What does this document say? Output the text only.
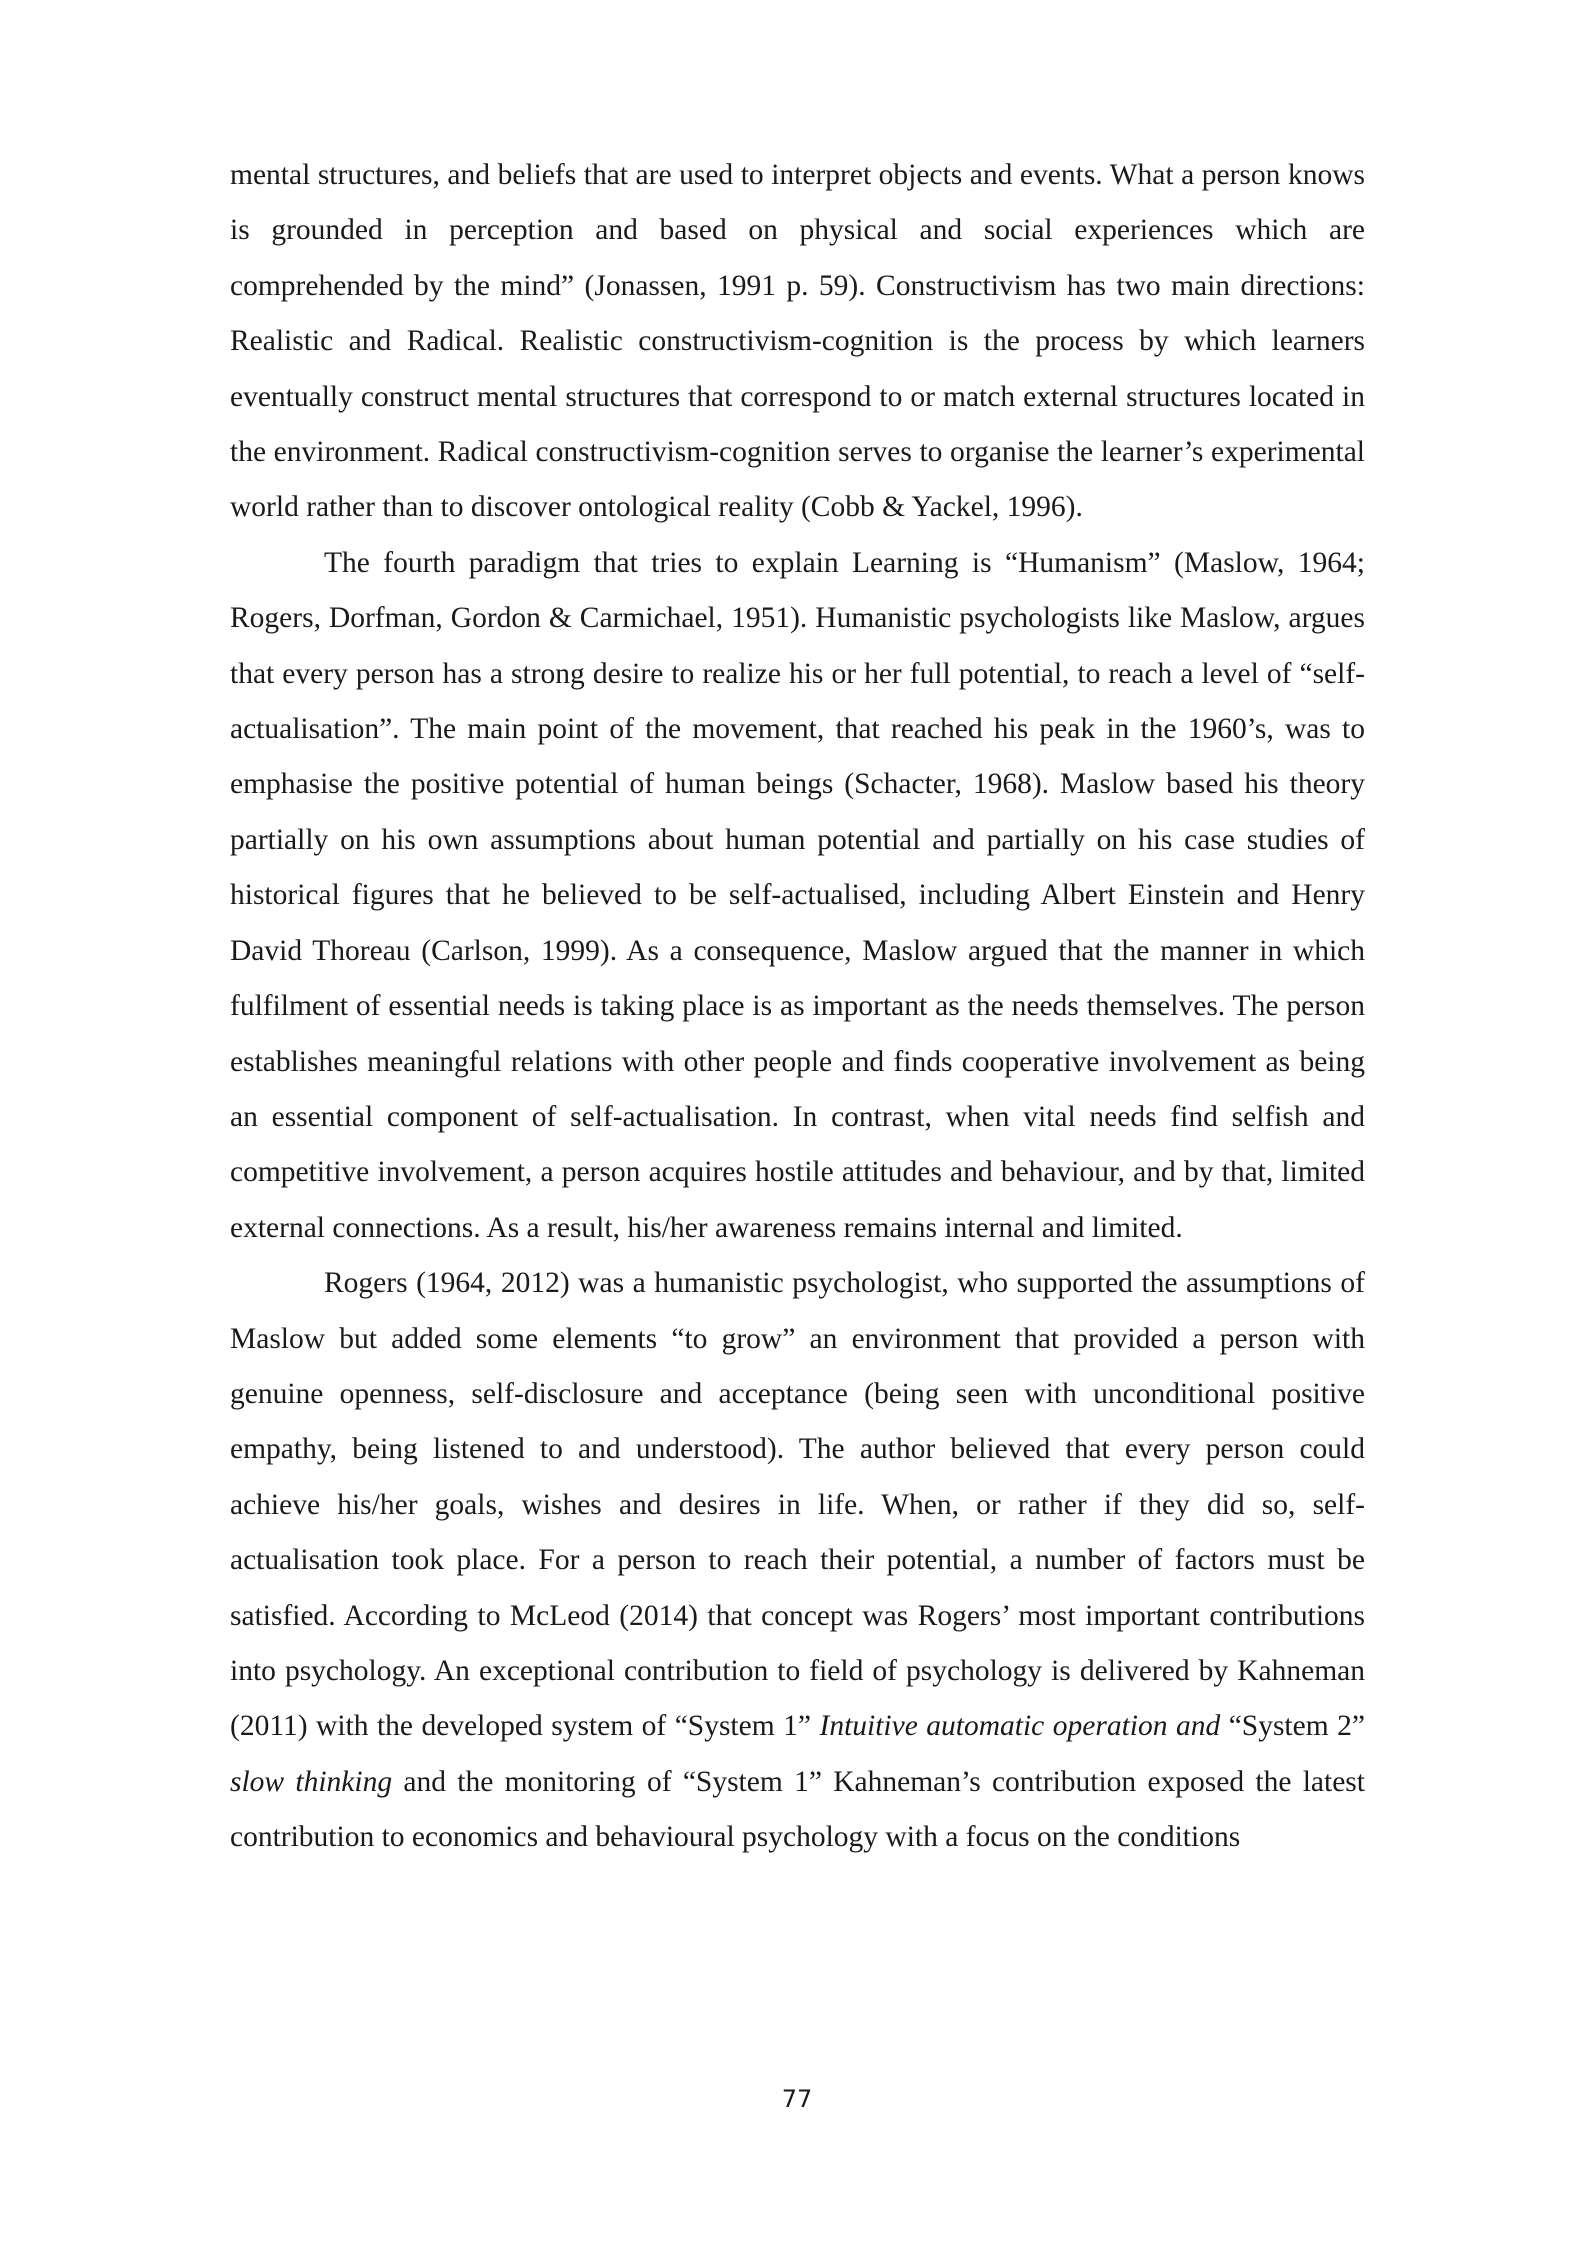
mental structures, and beliefs that are used to interpret objects and events. What a person knows is grounded in perception and based on physical and social experiences which are comprehended by the mind” (Jonassen, 1991 p. 59). Constructivism has two main directions: Realistic and Radical. Realistic constructivism-cognition is the process by which learners eventually construct mental structures that correspond to or match external structures located in the environment. Radical constructivism-cognition serves to organise the learner’s experimental world rather than to discover ontological reality (Cobb & Yackel, 1996).

The fourth paradigm that tries to explain Learning is “Humanism” (Maslow, 1964; Rogers, Dorfman, Gordon & Carmichael, 1951). Humanistic psychologists like Maslow, argues that every person has a strong desire to realize his or her full potential, to reach a level of “self-actualisation”. The main point of the movement, that reached his peak in the 1960’s, was to emphasise the positive potential of human beings (Schacter, 1968). Maslow based his theory partially on his own assumptions about human potential and partially on his case studies of historical figures that he believed to be self-actualised, including Albert Einstein and Henry David Thoreau (Carlson, 1999). As a consequence, Maslow argued that the manner in which fulfilment of essential needs is taking place is as important as the needs themselves. The person establishes meaningful relations with other people and finds cooperative involvement as being an essential component of self-actualisation. In contrast, when vital needs find selfish and competitive involvement, a person acquires hostile attitudes and behaviour, and by that, limited external connections. As a result, his/her awareness remains internal and limited.

Rogers (1964, 2012) was a humanistic psychologist, who supported the assumptions of Maslow but added some elements “to grow” an environment that provided a person with genuine openness, self-disclosure and acceptance (being seen with unconditional positive empathy, being listened to and understood). The author believed that every person could achieve his/her goals, wishes and desires in life. When, or rather if they did so, self-actualisation took place. For a person to reach their potential, a number of factors must be satisfied. According to McLeod (2014) that concept was Rogers’ most important contributions into psychology. An exceptional contribution to field of psychology is delivered by Kahneman (2011) with the developed system of “System 1” Intuitive automatic operation and “System 2” slow thinking and the monitoring of “System 1” Kahneman’s contribution exposed the latest contribution to economics and behavioural psychology with a focus on the conditions

77
